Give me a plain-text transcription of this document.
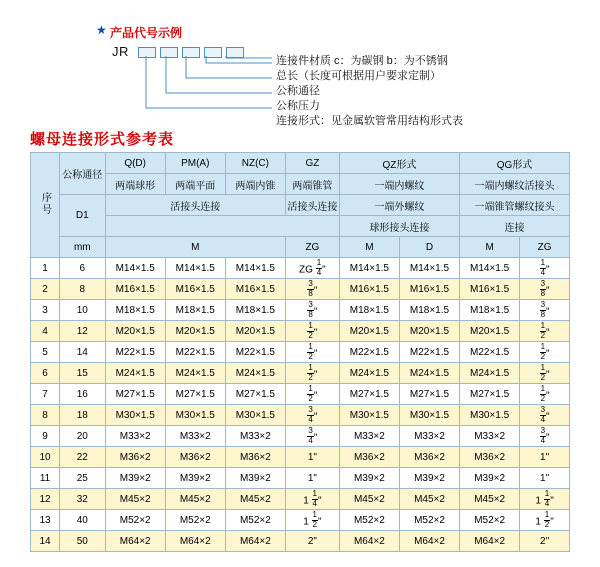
★ 产品代号示例
JR
连接件材质 c：为碳钢 b：为不锈钢
总长（长度可根据用户要求定制）
公称通径
公称压力
连接形式：见金属软管常用结构形式表
螺母连接形式参考表
序号	公称通径	Q(D)	PM(A)	NZ(C)	GZ	QZ形式		QG形式	
		两端球形	两端平面	两端内锥	两端锥管	一端内螺纹		一端内螺纹活接头	
	D1	活接头连接			活接头连接	一端外螺纹		一端锥管螺纹接头	
						球形接头连接		连接	
	mm	M			ZG	M	D	M	ZG
1	6	M14×1.5	M14×1.5	M14×1.5	ZG $\frac{1}{4}$ "	M14×1.5	M14×1.5	M14×1.5	$\frac{1}{4}$ "
2	8	M16×1.5	M16×1.5	M16×1.5	$\frac{3}{8}$ "	M16×1.5	M16×1.5	M16×1.5	$\frac{3}{8}$ "
3	10	M18×1.5	M18×1.5	M18×1.5	$\frac{3}{8}$ "	M18×1.5	M18×1.5	M18×1.5	$\frac{3}{8}$ "
4	12	M20×1.5	M20×1.5	M20×1.5	$\frac{1}{2}$ "	M20×1.5	M20×1.5	M20×1.5	$\frac{1}{2}$ "
5	14	M22×1.5	M22×1.5	M22×1.5	$\frac{1}{2}$ "	M22×1.5	M22×1.5	M22×1.5	$\frac{1}{2}$ "
6	15	M24×1.5	M24×1.5	M24×1.5	$\frac{1}{2}$ "	M24×1.5	M24×1.5	M24×1.5	$\frac{1}{2}$ "
7	16	M27×1.5	M27×1.5	M27×1.5	$\frac{1}{2}$ "	M27×1.5	M27×1.5	M27×1.5	$\frac{1}{2}$ "
8	18	M30×1.5	M30×1.5	M30×1.5	$\frac{3}{4}$ "	M30×1.5	M30×1.5	M30×1.5	$\frac{3}{4}$ "
9	20	M33×2	M33×2	M33×2	$\frac{3}{4}$ "	M33×2	M33×2	M33×2	$\frac{3}{4}$ "
10	22	M36×2	M36×2	M36×2	1"	M36×2	M36×2	M36×2	1"
11	25	M39×2	M39×2	M39×2	1"	M39×2	M39×2	M39×2	1"
12	32	M45×2	M45×2	M45×2	$1 \frac{1}{4}$ "	M45×2	M45×2	M45×2	$1 \frac{1}{4}$ "
13	40	M52×2	M52×2	M52×2	$1 \frac{1}{2}$ "	M52×2	M52×2	M52×2	$1 \frac{1}{2}$ "
14	50	M64×2	M64×2	M64×2	2"	M64×2	M64×2	M64×2	2"
